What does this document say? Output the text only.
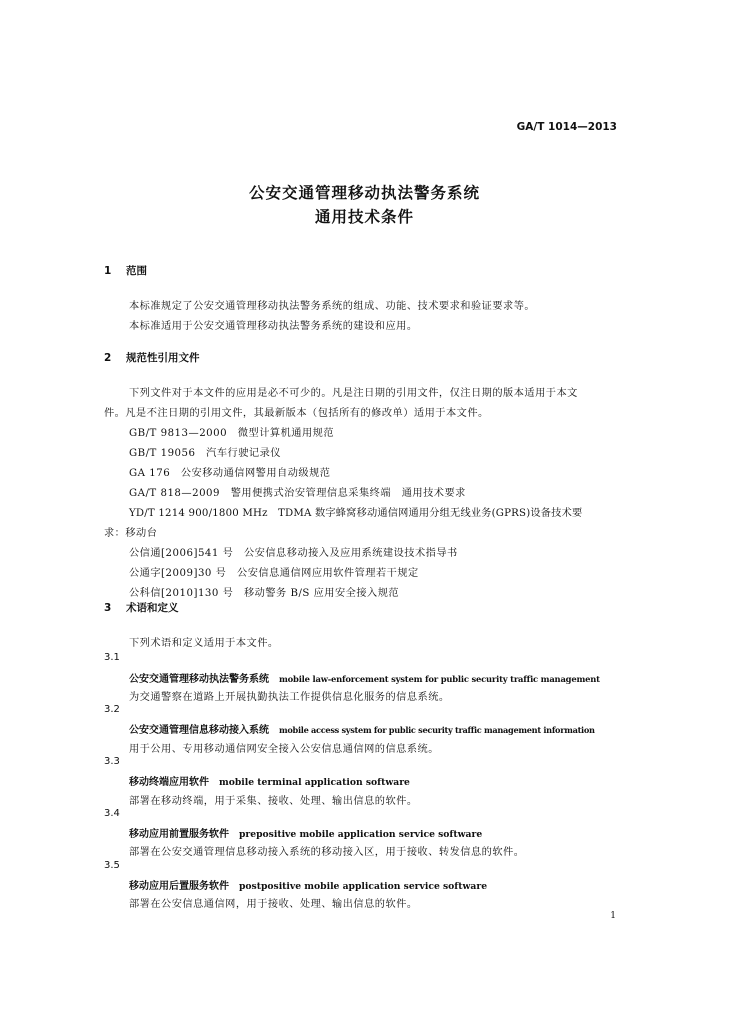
GA/T 1014—2013
公安交通管理移动执法警务系统
通用技术条件
1 范围
本标准规定了公安交通管理移动执法警务系统的组成、功能、技术要求和验证要求等。
本标准适用于公安交通管理移动执法警务系统的建设和应用。
2 规范性引用文件
下列文件对于本文件的应用是必不可少的。凡是注日期的引用文件，仅注日期的版本适用于本文
件。凡是不注日期的引用文件，其最新版本（包括所有的修改单）适用于本文件。
GB/T 9813—2000　微型计算机通用规范
GB/T 19056　汽车行驶记录仪
GA 176　公安移动通信网警用自动级规范
GA/T 818—2009　警用便携式治安管理信息采集终端　通用技术要求
YD/T 1214 900/1800 MHz　TDMA 数字蜂窝移动通信网通用分组无线业务(GPRS)设备技术要
求：移动台
公信通[2006]541 号　公安信息移动接入及应用系统建设技术指导书
公通字[2009]30 号　公安信息通信网应用软件管理若干规定
公科信[2010]130 号　移动警务 B/S 应用安全接入规范
3 术语和定义
下列术语和定义适用于本文件。
3.1
公安交通管理移动执法警务系统 mobile law-enforcement system for public security traffic management
为交通警察在道路上开展执勤执法工作提供信息化服务的信息系统。
3.2
公安交通管理信息移动接入系统 mobile access system for public security traffic management information
用于公用、专用移动通信网安全接入公安信息通信网的信息系统。
3.3
移动终端应用软件 mobile terminal application software
部署在移动终端，用于采集、接收、处理、输出信息的软件。
3.4
移动应用前置服务软件 prepositive mobile application service software
部署在公安交通管理信息移动接入系统的移动接入区，用于接收、转发信息的软件。
3.5
移动应用后置服务软件 postpositive mobile application service software
部署在公安信息通信网，用于接收、处理、输出信息的软件。
1
